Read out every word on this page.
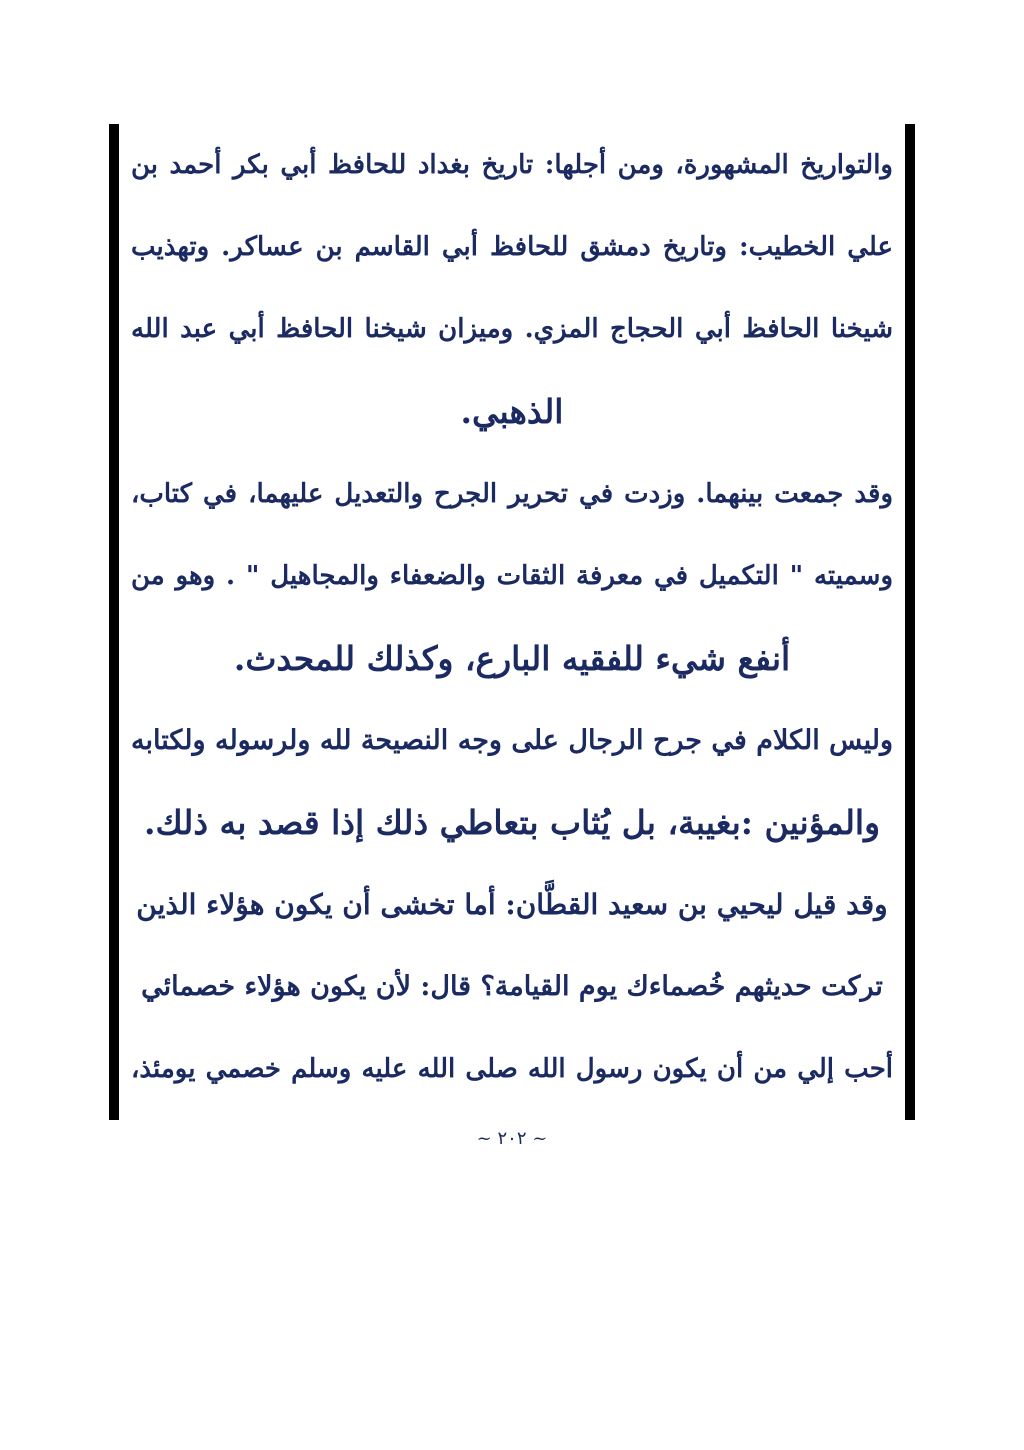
والتواريخ المشهورة، ومن أجلها: تاريخ بغداد للحافظ أبي بكر أحمد بن
علي الخطيب: وتاريخ دمشق للحافظ أبي القاسم بن عساكر. وتهذيب
شيخنا الحافظ أبي الحجاج المزي. وميزان شيخنا الحافظ أبي عبد الله
الذهبي.
وقد جمعت بينهما. وزدت في تحرير الجرح والتعديل عليهما، في كتاب،
وسميته " التكميل في معرفة الثقات والضعفاء والمجاهيل " . وهو من
أنفع شيء للفقيه البارع، وكذلك للمحدث.
وليس الكلام في جرح الرجال على وجه النصيحة لله ولرسوله ولكتابه
والمؤنين :بغيبة، بل يُثاب بتعاطي ذلك إذا قصد به ذلك.
وقد قيل ليحيي بن سعيد القطَّان: أما تخشى أن يكون هؤلاء الذين
تركت حديثهم خُصماءك يوم القيامة؟ قال: لأن يكون هؤلاء خصمائي
أحب إلي من أن يكون رسول الله صلى الله عليه وسلم خصمي يومئذ،
~ ٢٠٢ ~
